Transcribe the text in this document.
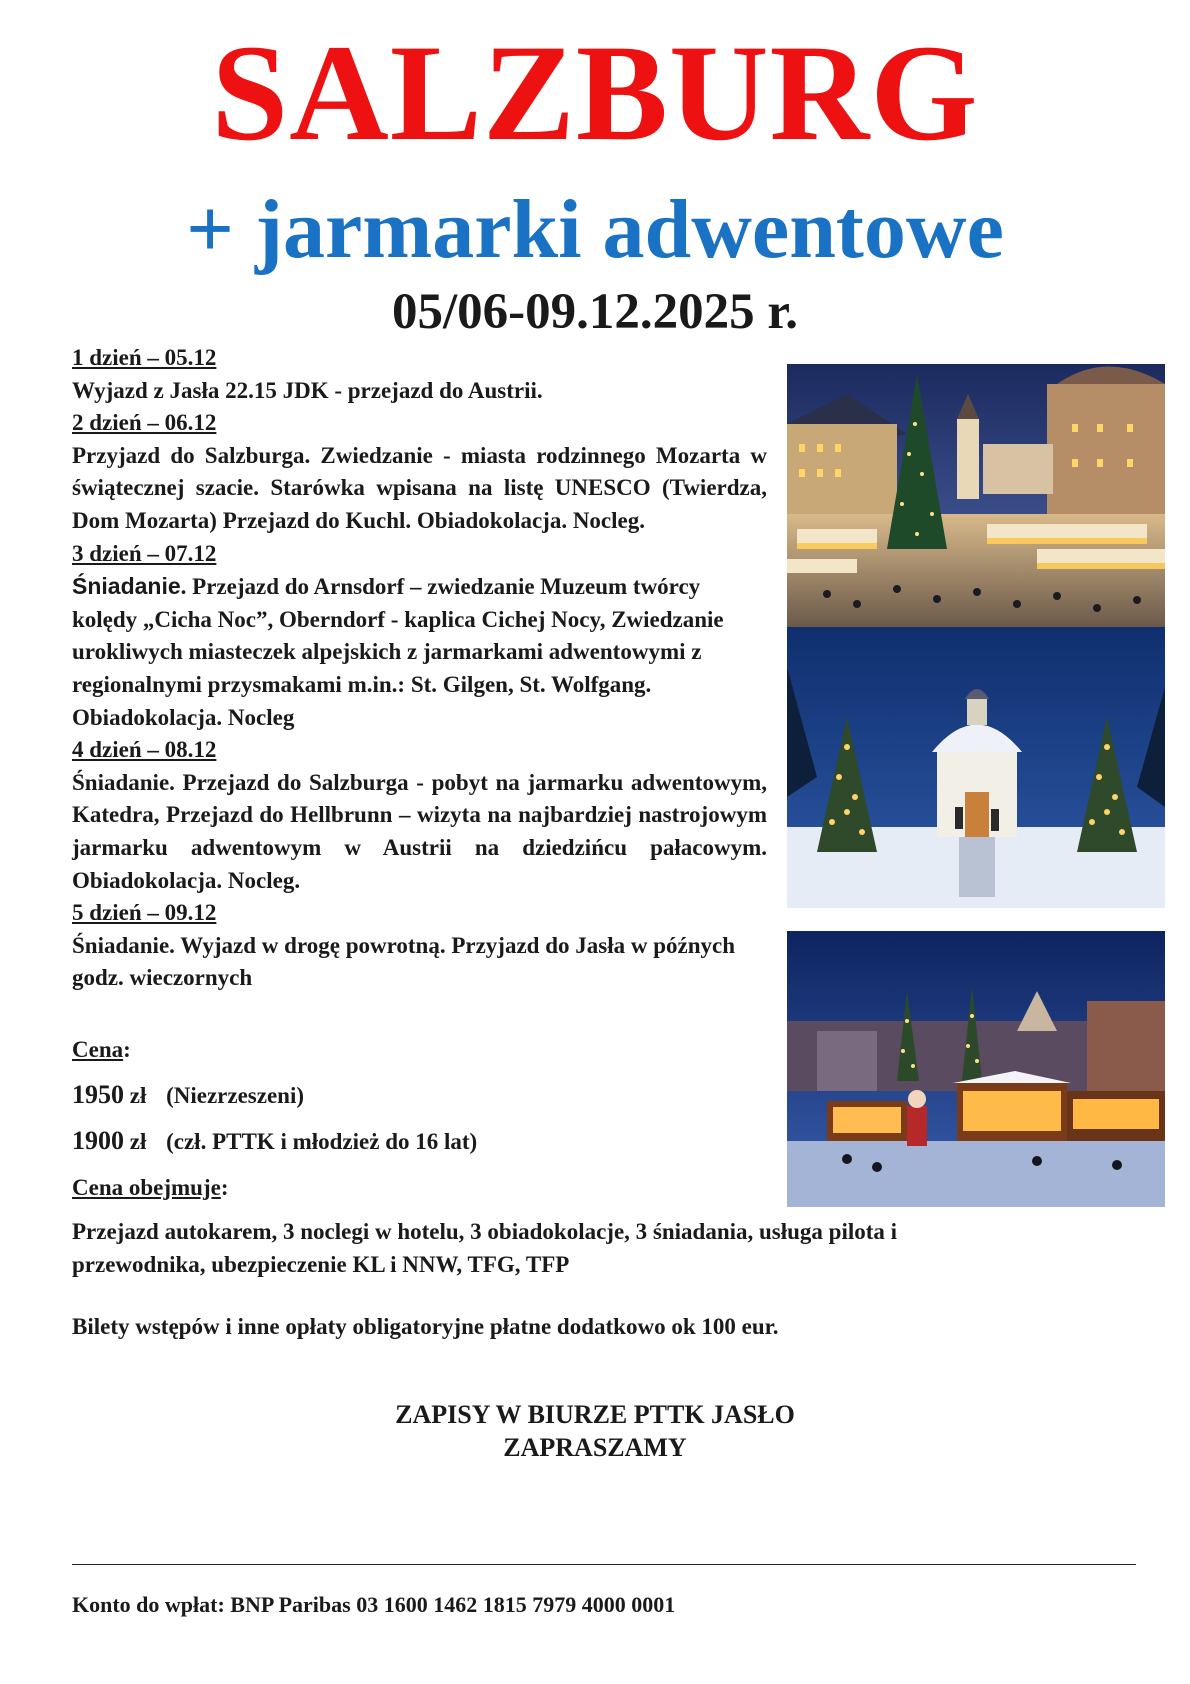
SALZBURG
+ jarmarki adwentowe
05/06-09.12.2025 r.
1 dzień – 05.12
Wyjazd z Jasła 22.15 JDK - przejazd do Austrii.
2 dzień – 06.12
Przyjazd do Salzburga. Zwiedzanie - miasta rodzinnego Mozarta w świątecznej szacie. Starówka wpisana na listę UNESCO (Twierdza, Dom Mozarta) Przejazd do Kuchl. Obiadokolacja. Nocleg.
3 dzień – 07.12
Śniadanie. Przejazd do Arnsdorf – zwiedzanie Muzeum twórcy kolędy „Cicha Noc”, Oberndorf - kaplica Cichej Nocy, Zwiedzanie urokliwych miasteczek alpejskich z jarmarkami adwentowymi z regionalnymi przysmakami m.in.: St. Gilgen, St. Wolfgang. Obiadokolacja. Nocleg
4 dzień – 08.12
Śniadanie. Przejazd do Salzburga - pobyt na jarmarku adwentowym, Katedra, Przejazd do Hellbrunn – wizyta na najbardziej nastrojowym jarmarku adwentowym w Austrii na dziedzińcu pałacowym. Obiadokolacja. Nocleg.
5 dzień – 09.12
Śniadanie. Wyjazd w drogę powrotną. Przyjazd do Jasła w późnych godz. wieczornych
Cena:
1950 zł (Niezrzeszeni)
1900 zł (czł. PTTK i młodzież do 16 lat)
Cena obejmuje:
Przejazd autokarem, 3 noclegi w hotelu, 3 obiadokolacje, 3 śniadania, usługa pilota i przewodnika, ubezpieczenie KL i NNW, TFG, TFP
Bilety wstępów i inne opłaty obligatoryjne płatne dodatkowo ok 100 eur.
ZAPISY W BIURZE PTTK JASŁO
ZAPRASZAMY
Konto do wpłat: BNP Paribas 03 1600 1462 1815 7979 4000 0001
